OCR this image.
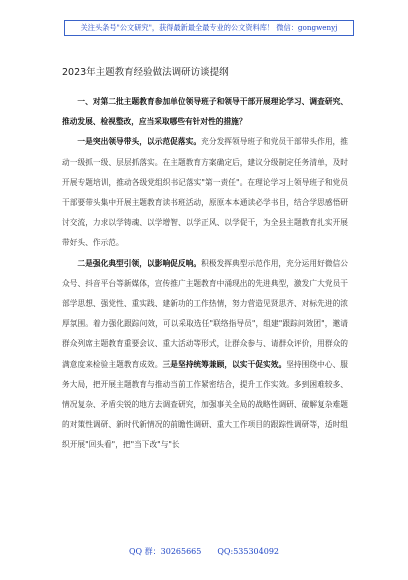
关注头条号"公文研究"，获得最新最全最专业的公文资料库！ 微信：gongwenyj
2023年主题教育经验做法调研访谈提纲

一、对第二批主题教育参加单位领导班子和领导干部开展理论学习、调查研究、推动发展、检视整改，应当采取哪些有针对性的措施？

一是突出领导带头，以示范促落实。充分发挥领导班子和党员干部带头作用，推动一级抓一级、层层抓落实。在主题教育方案确定后，建议分级制定任务清单，及时开展专题培训，推动各级党组织书记落实"第一责任"。在理论学习上领导班子和党员干部要带头集中开展主题教育读书班活动，原原本本通读必学书目，结合学思感悟研讨交流，力求以学铸魂、以学增智、以学正风、以学促干，为全县主题教育扎实开展带好头、作示范。

二是强化典型引领，以影响促反响。积极发挥典型示范作用，充分运用好微信公众号、抖音平台等新媒体，宣传推广主题教育中涌现出的先进典型，激发广大党员干部学思想、强党性、重实践、建新功的工作热情，努力营造见贤思齐、对标先进的浓厚氛围。着力强化跟踪问效，可以采取选任"联络指导员"，组建"跟踪问效团"，邀请群众列席主题教育重要会议、重大活动等形式，让群众参与、请群众评价，用群众的满意度来检验主题教育成效。三是坚持统筹兼顾，以实干促实效。坚持围绕中心、服务大局，把开展主题教育与推动当前工作紧密结合，提升工作实效。多到困难较多、情况复杂、矛盾尖锐的地方去调查研究，加强事关全局的战略性调研、破解复杂难题的对策性调研、新时代新情况的前瞻性调研、重大工作项目的跟踪性调研等，适时组织开展"回头看"，把"当下改"与"长

QQ 群：30265665 QQ:535304092
